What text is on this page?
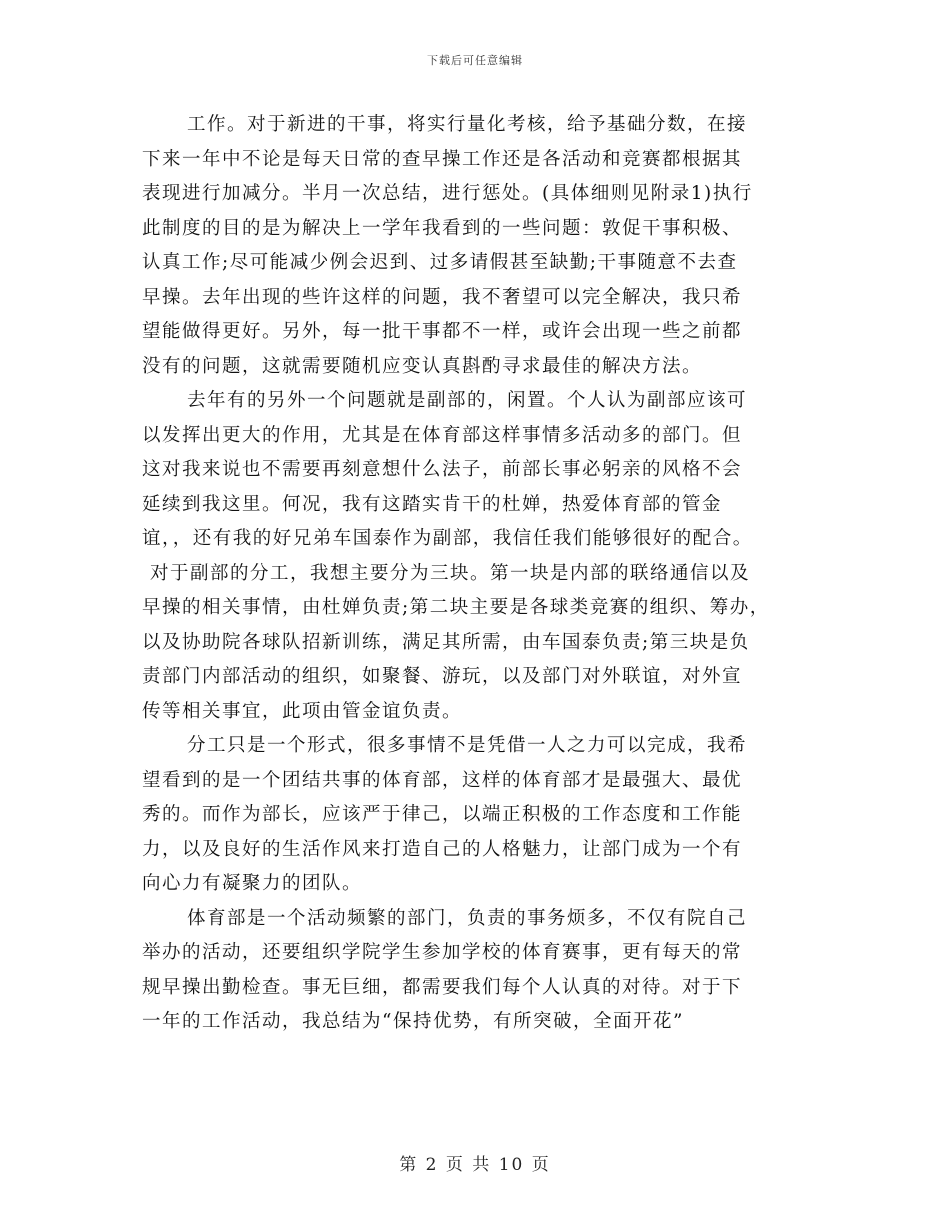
下载后可任意编辑
工作。对于新进的干事，将实行量化考核，给予基础分数，在接
下来一年中不论是每天日常的查早操工作还是各活动和竞赛都根据其
表现进行加减分。半月一次总结，进行惩处。(具体细则见附录1)执行
此制度的目的是为解决上一学年我看到的一些问题：敦促干事积极、
认真工作;尽可能减少例会迟到、过多请假甚至缺勤;干事随意不去查
早操。去年出现的些许这样的问题，我不奢望可以完全解决，我只希
望能做得更好。另外，每一批干事都不一样，或许会出现一些之前都
没有的问题，这就需要随机应变认真斟酌寻求最佳的解决方法。
去年有的另外一个问题就是副部的，闲置。个人认为副部应该可
以发挥出更大的作用，尤其是在体育部这样事情多活动多的部门。但
这对我来说也不需要再刻意想什么法子，前部长事必躬亲的风格不会
延续到我这里。何况，我有这踏实肯干的杜婵，热爱体育部的管金
谊，，还有我的好兄弟车国泰作为副部，我信任我们能够很好的配合。
对于副部的分工，我想主要分为三块。第一块是内部的联络通信以及
早操的相关事情，由杜婵负责;第二块主要是各球类竞赛的组织、筹办，
以及协助院各球队招新训练，满足其所需，由车国泰负责;第三块是负
责部门内部活动的组织，如聚餐、游玩，以及部门对外联谊，对外宣
传等相关事宜，此项由管金谊负责。
分工只是一个形式，很多事情不是凭借一人之力可以完成，我希
望看到的是一个团结共事的体育部，这样的体育部才是最强大、最优
秀的。而作为部长，应该严于律己，以端正积极的工作态度和工作能
力，以及良好的生活作风来打造自己的人格魅力，让部门成为一个有
向心力有凝聚力的团队。
体育部是一个活动频繁的部门，负责的事务烦多，不仅有院自己
举办的活动，还要组织学院学生参加学校的体育赛事，更有每天的常
规早操出勤检查。事无巨细，都需要我们每个人认真的对待。对于下
一年的工作活动，我总结为“保持优势，有所突破，全面开花”
第 2 页 共 10 页
